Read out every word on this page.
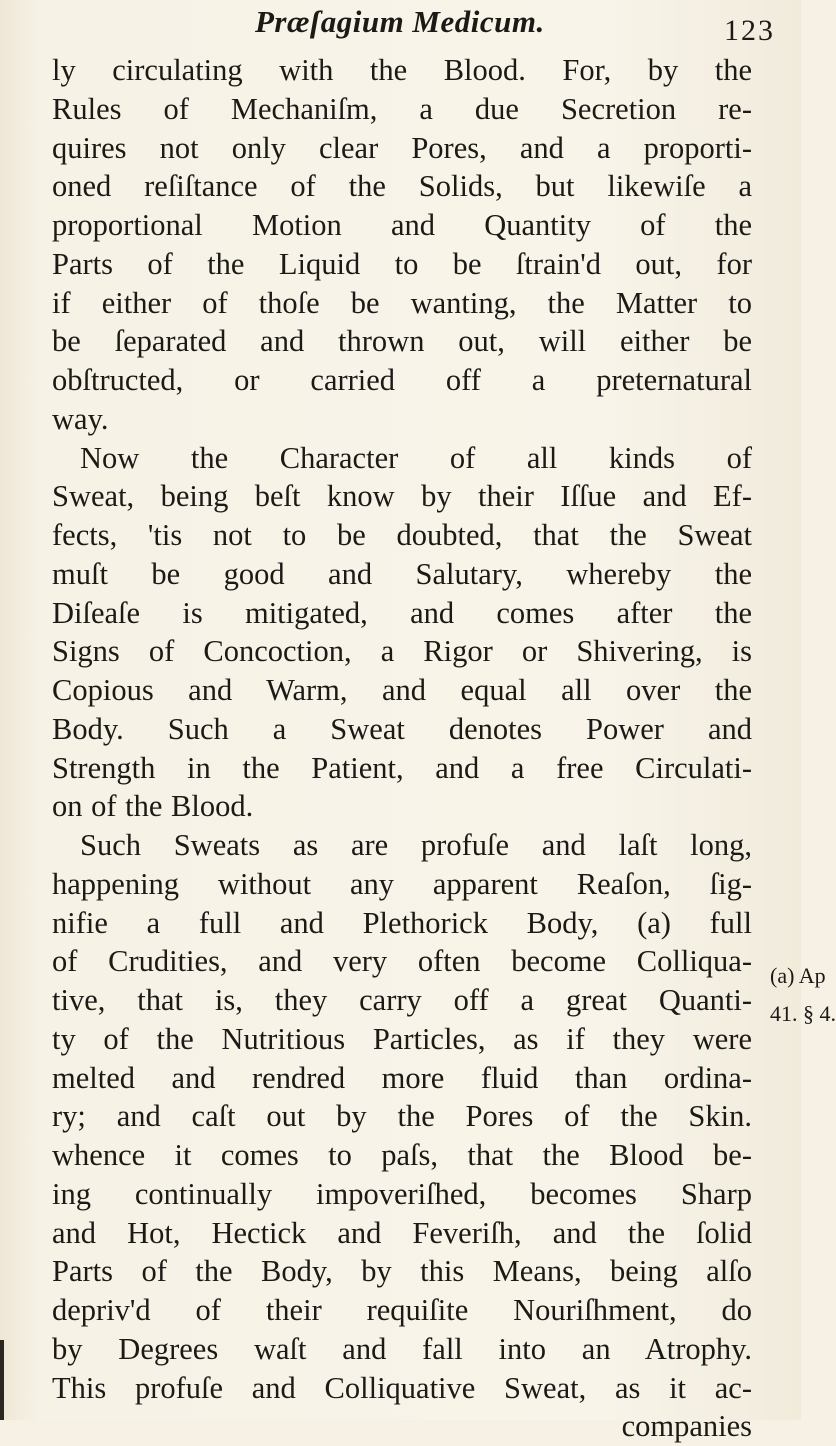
Præſagium Medicum.	123
ly circulating with the Blood. For, by the
Rules of Mechaniſm, a due Secretion re-
quires not only clear Pores, and a proporti-
oned reſiſtance of the Solids, but likewiſe a
proportional Motion and Quantity of the
Parts of the Liquid to be ſtrain'd out, for
if either of thoſe be wanting, the Matter to
be ſeparated and thrown out, will either be
obſtructed, or carried off a preternatural
way.
Now the Character of all kinds of
Sweat, being beſt know by their Iſſue and Ef-
fects, 'tis not to be doubted, that the Sweat
muſt be good and Salutary, whereby the
Diſeaſe is mitigated, and comes after the
Signs of Concoction, a Rigor or Shivering, is
Copious and Warm, and equal all over the
Body. Such a Sweat denotes Power and
Strength in the Patient, and a free Circulati-
on of the Blood.
Such Sweats as are profuſe and laſt long,
happening without any apparent Reaſon, ſig-
nifie a full and Plethorick Body, (a) full
of Crudities, and very often become Colliqua-
tive, that is, they carry off a great Quanti-
ty of the Nutritious Particles, as if they were
melted and rendred more fluid than ordina-
ry; and caſt out by the Pores of the Skin.
whence it comes to paſs, that the Blood be-
ing continually impoveriſhed, becomes Sharp
and Hot, Hectick and Feveriſh, and the ſolid
Parts of the Body, by this Means, being alſo
depriv'd of their requiſite Nouriſhment, do
by Degrees waſt and fall into an Atrophy.
This profuſe and Colliquative Sweat, as it ac-
companies
(a) Ap
41. § 4.
